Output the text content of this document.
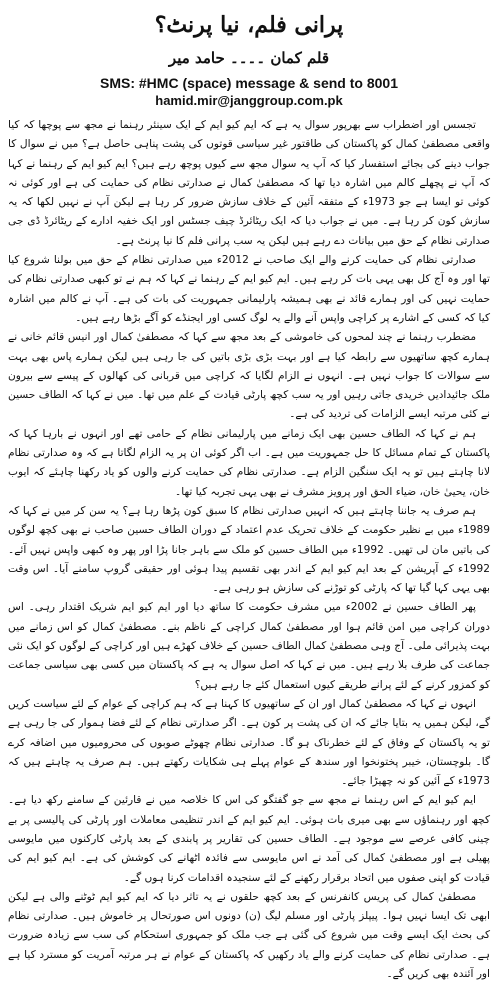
پرانی فلم، نیا پرنٹ؟
قلم کمان ۔۔۔۔ حامد میر
SMS: #HMC (space) message & send to 8001
hamid.mir@janggroup.com.pk

تجسس اور اضطراب سے بھرپور سوال یہ ہے کہ ایم کیو ایم کے ایک سینئر رہنما نے مجھ سے پوچھا کہ کیا واقعی مصطفیٰ کمال کو پاکستان کی طاقتور غیر سیاسی قوتوں کی پشت پناہی حاصل ہے؟ میں نے سوال کا جواب دینے کی بجائے استفسار کیا کہ آپ یہ سوال مجھ سے کیوں پوچھ رہے ہیں؟ ایم کیو ایم کے رہنما نے کہا کہ آپ نے پچھلے کالم میں اشارہ دیا تھا کہ مصطفیٰ کمال نے صدارتی نظام کی حمایت کی ہے اور کوئی نہ کوئی تو ایسا ہے جو 1973ء کے متفقہ آئین کے خلاف سازش ضرور کر رہا ہے لیکن آپ نے نہیں لکھا کہ یہ سازش کون کر رہا ہے۔ میں نے جواب دیا کہ ایک ریٹائرڈ چیف جسٹس اور ایک خفیہ ادارے کے ریٹائرڈ ڈی جی صدارتی نظام کے حق میں بیانات دے رہے ہیں لیکن یہ سب پرانی فلم کا نیا پرنٹ ہے۔

صدارتی نظام کی حمایت کرنے والے ایک صاحب نے 2012ء میں صدارتی نظام کے حق میں بولنا شروع کیا تھا اور وہ آج کل بھی یہی بات کر رہے ہیں۔ ایم کیو ایم کے رہنما نے کہا کہ ہم نے تو کبھی صدارتی نظام کی حمایت نہیں کی اور ہمارے قائد نے بھی ہمیشہ پارلیمانی جمہوریت کی بات کی ہے۔ آپ نے کالم میں اشارہ کیا کہ کسی کے اشارے پر کراچی واپس آنے والے یہ لوگ کسی اور ایجنڈے کو آگے بڑھا رہے ہیں۔

مضطرب رہنما نے چند لمحوں کی خاموشی کے بعد مجھ سے کہا کہ مصطفیٰ کمال اور انیس قائم خانی نے ہمارے کچھ ساتھیوں سے رابطہ کیا ہے اور بہت بڑی بڑی باتیں کی جا رہی ہیں لیکن ہمارے پاس بھی بہت سے سوالات کا جواب نہیں ہے۔ انہوں نے الزام لگایا کہ کراچی میں قربانی کی کھالوں کے پیسے سے بیرون ملک جائیدادیں خریدی جاتی رہیں اور یہ سب کچھ پارٹی قیادت کے علم میں تھا۔ میں نے کہا کہ الطاف حسین نے کئی مرتبہ ایسے الزامات کی تردید کی ہے۔

ہم نے کہا کہ الطاف حسین بھی ایک زمانے میں پارلیمانی نظام کے حامی تھے اور انہوں نے بارہا کہا کہ پاکستان کے تمام مسائل کا حل جمہوریت میں ہے۔ اب اگر کوئی ان پر یہ الزام لگاتا ہے کہ وہ صدارتی نظام لانا چاہتے ہیں تو یہ ایک سنگین الزام ہے۔ صدارتی نظام کی حمایت کرنے والوں کو یاد رکھنا چاہئے کہ ایوب خان، یحییٰ خان، ضیاء الحق اور پرویز مشرف نے بھی یہی تجربہ کیا تھا۔

ہم صرف یہ جاننا چاہتے ہیں کہ انہیں صدارتی نظام کا سبق کون پڑھا رہا ہے؟ یہ سن کر میں نے کہا کہ 1989ء میں بے نظیر حکومت کے خلاف تحریک عدم اعتماد کے دوران الطاف حسین صاحب نے بھی کچھ لوگوں کی باتیں مان لی تھیں۔ 1992ء میں الطاف حسین کو ملک سے باہر جانا پڑا اور پھر وہ کبھی واپس نہیں آئے۔ 1992ء کے آپریشن کے بعد ایم کیو ایم کے اندر بھی تقسیم پیدا ہوئی اور حقیقی گروپ سامنے آیا۔ اس وقت بھی یہی کہا گیا تھا کہ پارٹی کو توڑنے کی سازش ہو رہی ہے۔

پھر الطاف حسین نے 2002ء میں مشرف حکومت کا ساتھ دیا اور ایم کیو ایم شریک اقتدار رہی۔ اس دوران کراچی میں امن قائم ہوا اور مصطفیٰ کمال کراچی کے ناظم بنے۔ مصطفیٰ کمال کو اس زمانے میں بہت پذیرائی ملی۔ آج وہی مصطفیٰ کمال الطاف حسین کے خلاف کھڑے ہیں اور کراچی کے لوگوں کو ایک نئی جماعت کی طرف بلا رہے ہیں۔ میں نے کہا کہ اصل سوال یہ ہے کہ پاکستان میں کسی بھی سیاسی جماعت کو کمزور کرنے کے لئے پرانے طریقے کیوں استعمال کئے جا رہے ہیں؟

انہوں نے کہا کہ مصطفیٰ کمال اور ان کے ساتھیوں کا کہنا ہے کہ ہم کراچی کے عوام کے لئے سیاست کریں گے، لیکن ہمیں یہ بتایا جائے کہ ان کی پشت پر کون ہے۔ اگر صدارتی نظام کے لئے فضا ہموار کی جا رہی ہے تو یہ پاکستان کے وفاق کے لئے خطرناک ہو گا۔ صدارتی نظام چھوٹے صوبوں کی محرومیوں میں اضافہ کرے گا۔ بلوچستان، خیبر پختونخوا اور سندھ کے عوام پہلے ہی شکایات رکھتے ہیں۔ ہم صرف یہ چاہتے ہیں کہ 1973ء کے آئین کو نہ چھیڑا جائے۔

ایم کیو ایم کے اس رہنما نے مجھ سے جو گفتگو کی اس کا خلاصہ میں نے قارئین کے سامنے رکھ دیا ہے۔ کچھ اور رہنماؤں سے بھی میری بات ہوئی۔ ایم کیو ایم کے اندر تنظیمی معاملات اور پارٹی کی پالیسی پر بے چینی کافی عرصے سے موجود ہے۔ الطاف حسین کی تقاریر پر پابندی کے بعد پارٹی کارکنوں میں مایوسی پھیلی ہے اور مصطفیٰ کمال کی آمد نے اس مایوسی سے فائدہ اٹھانے کی کوشش کی ہے۔ ایم کیو ایم کی قیادت کو اپنی صفوں میں اتحاد برقرار رکھنے کے لئے سنجیدہ اقدامات کرنا ہوں گے۔

مصطفیٰ کمال کی پریس کانفرنس کے بعد کچھ حلقوں نے یہ تاثر دیا کہ ایم کیو ایم ٹوٹنے والی ہے لیکن ابھی تک ایسا نہیں ہوا۔ پیپلز پارٹی اور مسلم لیگ (ن) دونوں اس صورتحال پر خاموش ہیں۔ صدارتی نظام کی بحث ایک ایسے وقت میں شروع کی گئی ہے جب ملک کو جمہوری استحکام کی سب سے زیادہ ضرورت ہے۔ صدارتی نظام کی حمایت کرنے والے یاد رکھیں کہ پاکستان کے عوام نے ہر مرتبہ آمریت کو مسترد کیا ہے اور آئندہ بھی کریں گے۔
